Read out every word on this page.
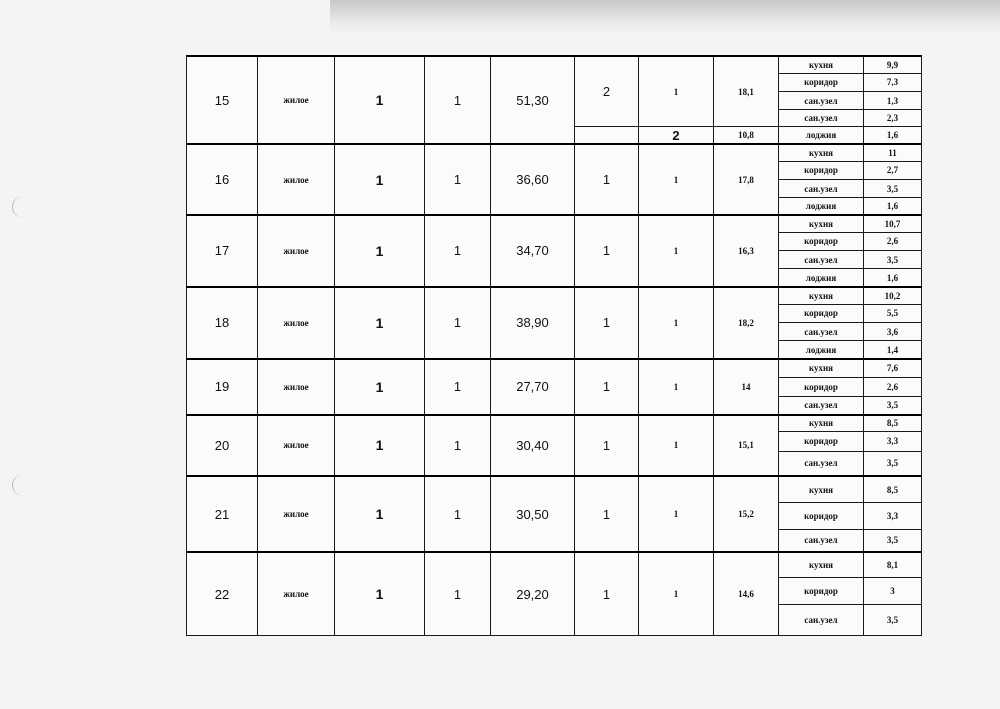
15	жилое	1	1	51,30	2	1	18,1	кухня	9,9
								коридор	7,3
								сан.узел	1,3
								сан.узел	2,3
						2	10,8	лоджия	1,6
16	жилое	1	1	36,60	1	1	17,8	кухня	11
								коридор	2,7
								сан.узел	3,5
								лоджия	1,6
17	жилое	1	1	34,70	1	1	16,3	кухня	10,7
								коридор	2,6
								сан.узел	3,5
								лоджия	1,6
18	жилое	1	1	38,90	1	1	18,2	кухня	10,2
								коридор	5,5
								сан.узел	3,6
								лоджия	1,4
19	жилое	1	1	27,70	1	1	14	кухня	7,6
								коридор	2,6
								сан.узел	3,5
20	жилое	1	1	30,40	1	1	15,1	кухня	8,5
								коридор	3,3
								сан.узел	3,5
21	жилое	1	1	30,50	1	1	15,2	кухня	8,5
								коридор	3,3
								сан.узел	3,5
22	жилое	1	1	29,20	1	1	14,6	кухня	8,1
								коридор	3
								сан.узел	3,5
